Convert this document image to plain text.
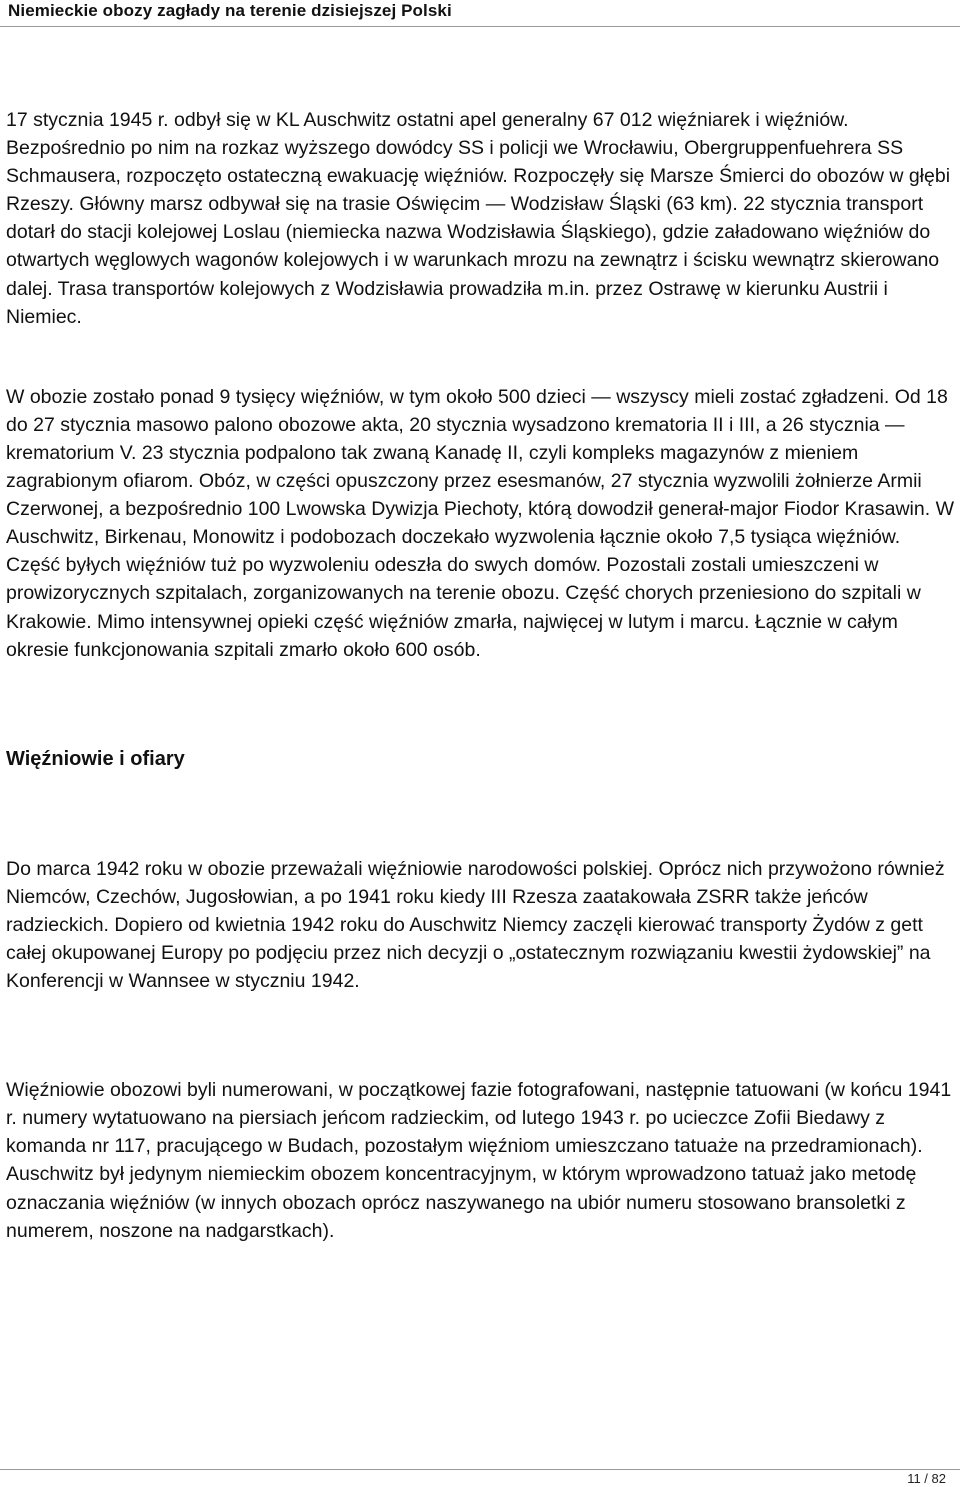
Niemieckie obozy zagłady na terenie dzisiejszej Polski

17 stycznia 1945 r. odbył się w KL Auschwitz ostatni apel generalny 67 012 więźniarek i więźniów. Bezpośrednio po nim na rozkaz wyższego dowódcy SS i policji we Wrocławiu, Obergruppenfuehrera SS Schmausera, rozpoczęto ostateczną ewakuację więźniów. Rozpoczęły się Marsze Śmierci do obozów w głębi Rzeszy. Główny marsz odbywał się na trasie Oświęcim — Wodzisław Śląski (63 km). 22 stycznia transport dotarł do stacji kolejowej Loslau (niemiecka nazwa Wodzisławia Śląskiego), gdzie załadowano więźniów do otwartych węglowych wagonów kolejowych i w warunkach mrozu na zewnątrz i ścisku wewnątrz skierowano dalej. Trasa transportów kolejowych z Wodzisławia prowadziła m.in. przez Ostrawę w kierunku Austrii i Niemiec.

W obozie zostało ponad 9 tysięcy więźniów, w tym około 500 dzieci — wszyscy mieli zostać zgładzeni. Od 18 do 27 stycznia masowo palono obozowe akta, 20 stycznia wysadzono krematoria II i III, a 26 stycznia — krematorium V. 23 stycznia podpalono tak zwaną Kanadę II, czyli kompleks magazynów z mieniem zagrabionym ofiarom. Obóz, w części opuszczony przez esesmanów, 27 stycznia wyzwolili żołnierze Armii Czerwonej, a bezpośrednio 100 Lwowska Dywizja Piechoty, którą dowodził generał-major Fiodor Krasawin. W Auschwitz, Birkenau, Monowitz i podobozach doczekało wyzwolenia łącznie około 7,5 tysiąca więźniów. Część byłych więźniów tuż po wyzwoleniu odeszła do swych domów. Pozostali zostali umieszczeni w prowizorycznych szpitalach, zorganizowanych na terenie obozu. Część chorych przeniesiono do szpitali w Krakowie. Mimo intensywnej opieki część więźniów zmarła, najwięcej w lutym i marcu. Łącznie w całym okresie funkcjonowania szpitali zmarło około 600 osób.

Więźniowie i ofiary

Do marca 1942 roku w obozie przeważali więźniowie narodowości polskiej. Oprócz nich przywożono również Niemców, Czechów, Jugosłowian, a po 1941 roku kiedy III Rzesza zaatakowała ZSRR także jeńców radzieckich. Dopiero od kwietnia 1942 roku do Auschwitz Niemcy zaczęli kierować transporty Żydów z gett całej okupowanej Europy po podjęciu przez nich decyzji o „ostatecznym rozwiązaniu kwestii żydowskiej” na Konferencji w Wannsee w styczniu 1942.

Więźniowie obozowi byli numerowani, w początkowej fazie fotografowani, następnie tatuowani (w końcu 1941 r. numery wytatuowano na piersiach jeńcom radzieckim, od lutego 1943 r. po ucieczce Zofii Biedawy z komanda nr 117, pracującego w Budach, pozostałym więźniom umieszczano tatuaże na przedramionach). Auschwitz był jedynym niemieckim obozem koncentracyjnym, w którym wprowadzono tatuaż jako metodę oznaczania więźniów (w innych obozach oprócz naszywanego na ubiór numeru stosowano bransoletki z numerem, noszone na nadgarstkach).

11 / 82
